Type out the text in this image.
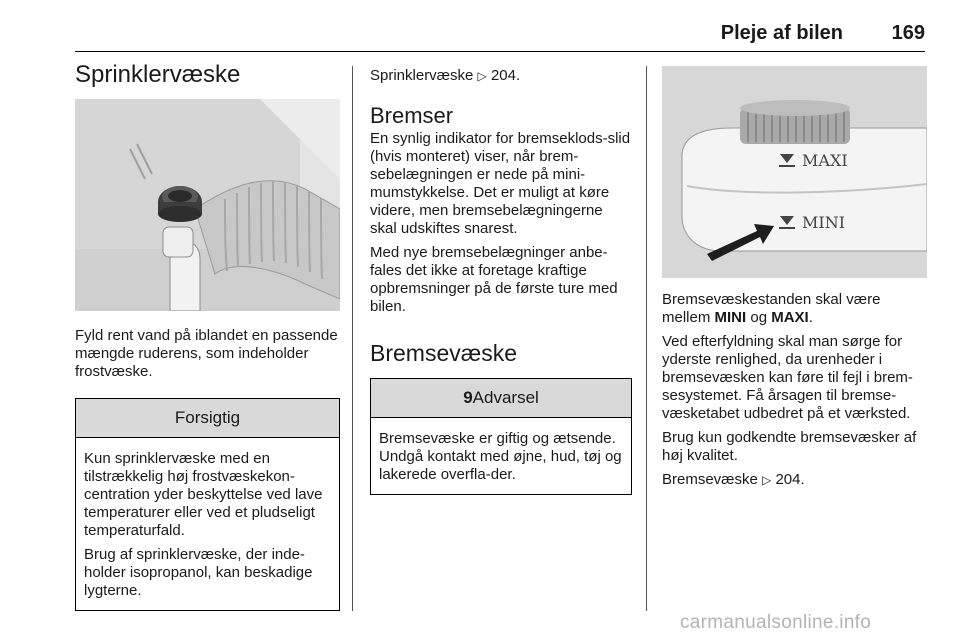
Pleje af bilen 169
Sprinklervæske

Fyld rent vand på iblandet en passende mængde ruderens, som indeholder frostvæske.

Forsigtig

Kun sprinklervæske med en tilstrækkelig høj frostvæskekon-centration yder beskyttelse ved lave temperaturer eller ved et pludseligt temperaturfald.

Brug af sprinklervæske, der inde-holder isopropanol, kan beskadige lygterne.

Sprinklervæske ▷ 204.

Bremser

En synlig indikator for bremseklods-slid (hvis monteret) viser, når brem-sebelægningen er nede på mini-mumstykkelse. Det er muligt at køre videre, men bremsebelægningerne skal udskiftes snarest.

Med nye bremsebelægninger anbe-fales det ikke at foretage kraftige opbremsninger på de første ture med bilen.

Bremsevæske
9Advarsel

Bremsevæske er giftig og ætsende. Undgå kontakt med øjne, hud, tøj og lakerede overfla-der.

MAXI
MINI

Bremsevæskestanden skal være mellem MINI og MAXI.

Ved efterfyldning skal man sørge for yderste renlighed, da urenheder i bremsevæsken kan føre til fejl i brem-sesystemet. Få årsagen til bremse-væsketabet udbedret på et værksted.

Brug kun godkendte bremsevæsker af høj kvalitet.

Bremsevæske ▷ 204.

carmanualsonline.info
